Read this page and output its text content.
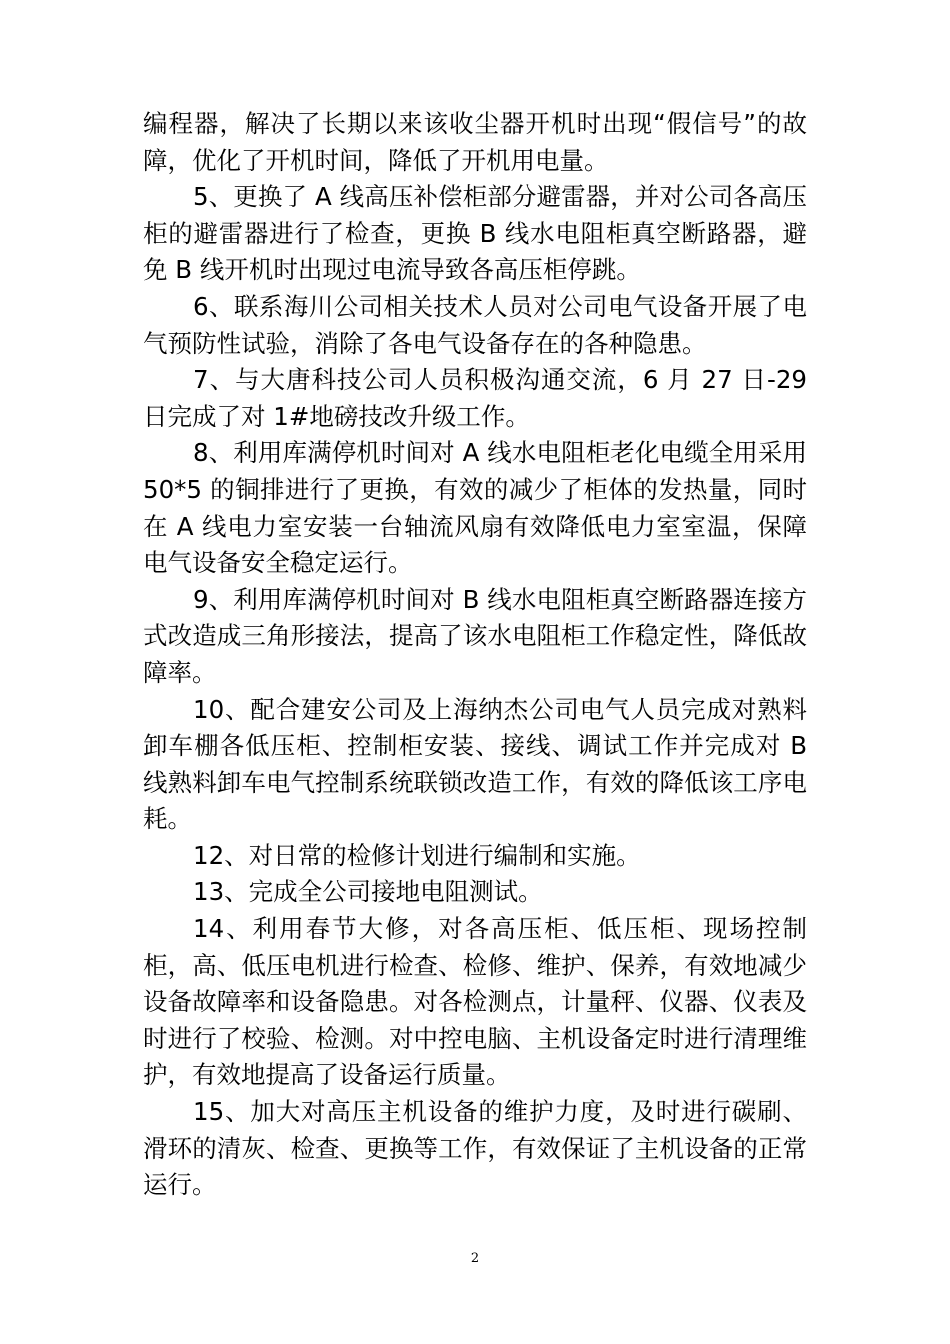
编程器，解决了长期以来该收尘器开机时出现“假信号”的故障，优化了开机时间，降低了开机用电量。

5、更换了 A 线高压补偿柜部分避雷器，并对公司各高压柜的避雷器进行了检查，更换 B 线水电阻柜真空断路器，避免 B 线开机时出现过电流导致各高压柜停跳。

6、联系海川公司相关技术人员对公司电气设备开展了电气预防性试验，消除了各电气设备存在的各种隐患。

7、与大唐科技公司人员积极沟通交流，6 月 27 日-29 日完成了对 1#地磅技改升级工作。

8、利用库满停机时间对 A 线水电阻柜老化电缆全用采用 50*5 的铜排进行了更换，有效的减少了柜体的发热量，同时在 A 线电力室安装一台轴流风扇有效降低电力室室温，保障电气设备安全稳定运行。

9、利用库满停机时间对 B 线水电阻柜真空断路器连接方式改造成三角形接法，提高了该水电阻柜工作稳定性，降低故障率。

10、配合建安公司及上海纳杰公司电气人员完成对熟料卸车棚各低压柜、控制柜安装、接线、调试工作并完成对 B 线熟料卸车电气控制系统联锁改造工作，有效的降低该工序电耗。

12、对日常的检修计划进行编制和实施。

13、完成全公司接地电阻测试。

14、利用春节大修，对各高压柜、低压柜、现场控制柜，高、低压电机进行检查、检修、维护、保养，有效地减少设备故障率和设备隐患。对各检测点，计量秤、仪器、仪表及时进行了校验、检测。对中控电脑、主机设备定时进行清理维护，有效地提高了设备运行质量。

15、加大对高压主机设备的维护力度，及时进行碳刷、滑环的清灰、检查、更换等工作，有效保证了主机设备的正常运行。

2
